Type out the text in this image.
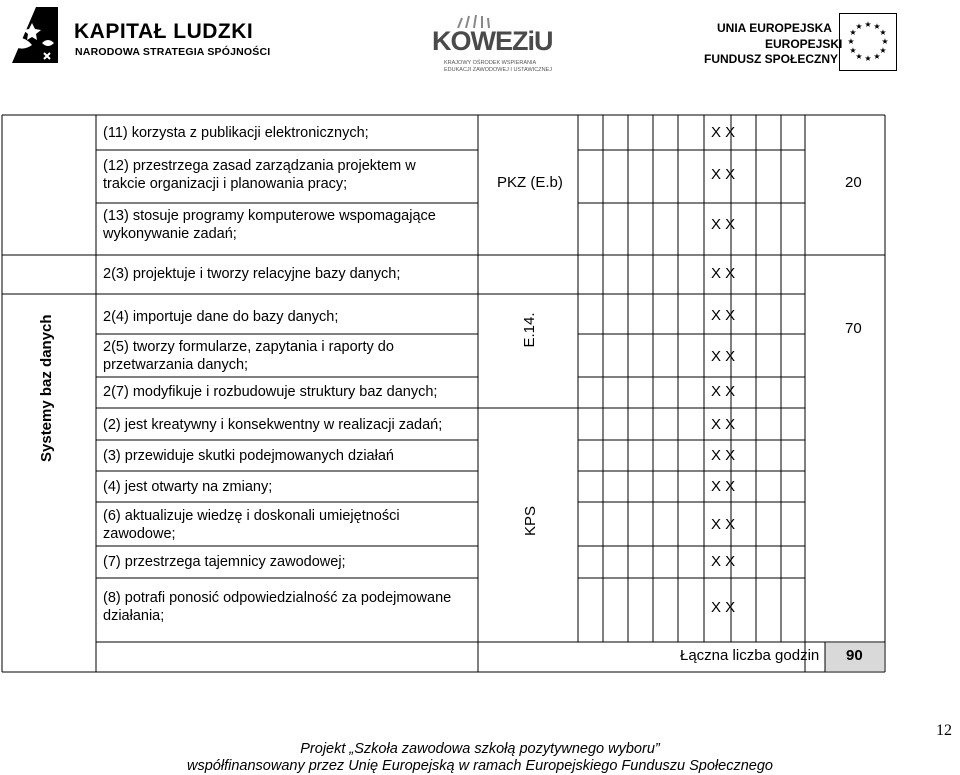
KAPITAŁ LUDZKI
NARODOWA STRATEGIA SPÓJNOŚCI	KOWEZiU
KRAJOWY OŚRODEK WSPIERANIA
EDUKACJI ZAWODOWEJ I USTAWICZNEJ
UNIA EUROPEJSKA
EUROPEJSKI
FUNDUSZ SPOŁECZNY
★ ★
★
★
★
★
★
★
★
★
★
★
Systemy baz danych
(11) korzysta z publikacji elektronicznych;
(12) przestrzega zasad zarządzania projektem w trakcie organizacji i planowania pracy;
(13) stosuje programy komputerowe wspomagające wykonywanie zadań;
2(3) projektuje i tworzy relacyjne bazy danych;
2(4) importuje dane do bazy danych;
2(5) tworzy formularze, zapytania i raporty do przetwarzania danych;
2(7) modyfikuje i rozbudowuje struktury baz danych;
(2) jest kreatywny i konsekwentny w realizacji zadań;
(3) przewiduje skutki podejmowanych działań
(4) jest otwarty na zmiany;
(6) aktualizuje wiedzę i doskonali umiejętności zawodowe;
(7) przestrzega tajemnicy zawodowej;
(8) potrafi ponosić odpowiedzialność za podejmowane działania;
X X
X X
X X
X X
X X
X X
X X
X X
X X
X X
X X
X X
X X
PKZ (E.b)
E.14.
KPS
20
70
Łączna liczba godzin 90
12
Projekt „Szkoła zawodowa szkołą pozytywnego wyboru”
współfinansowany przez Unię Europejską w ramach Europejskiego Funduszu Społecznego
